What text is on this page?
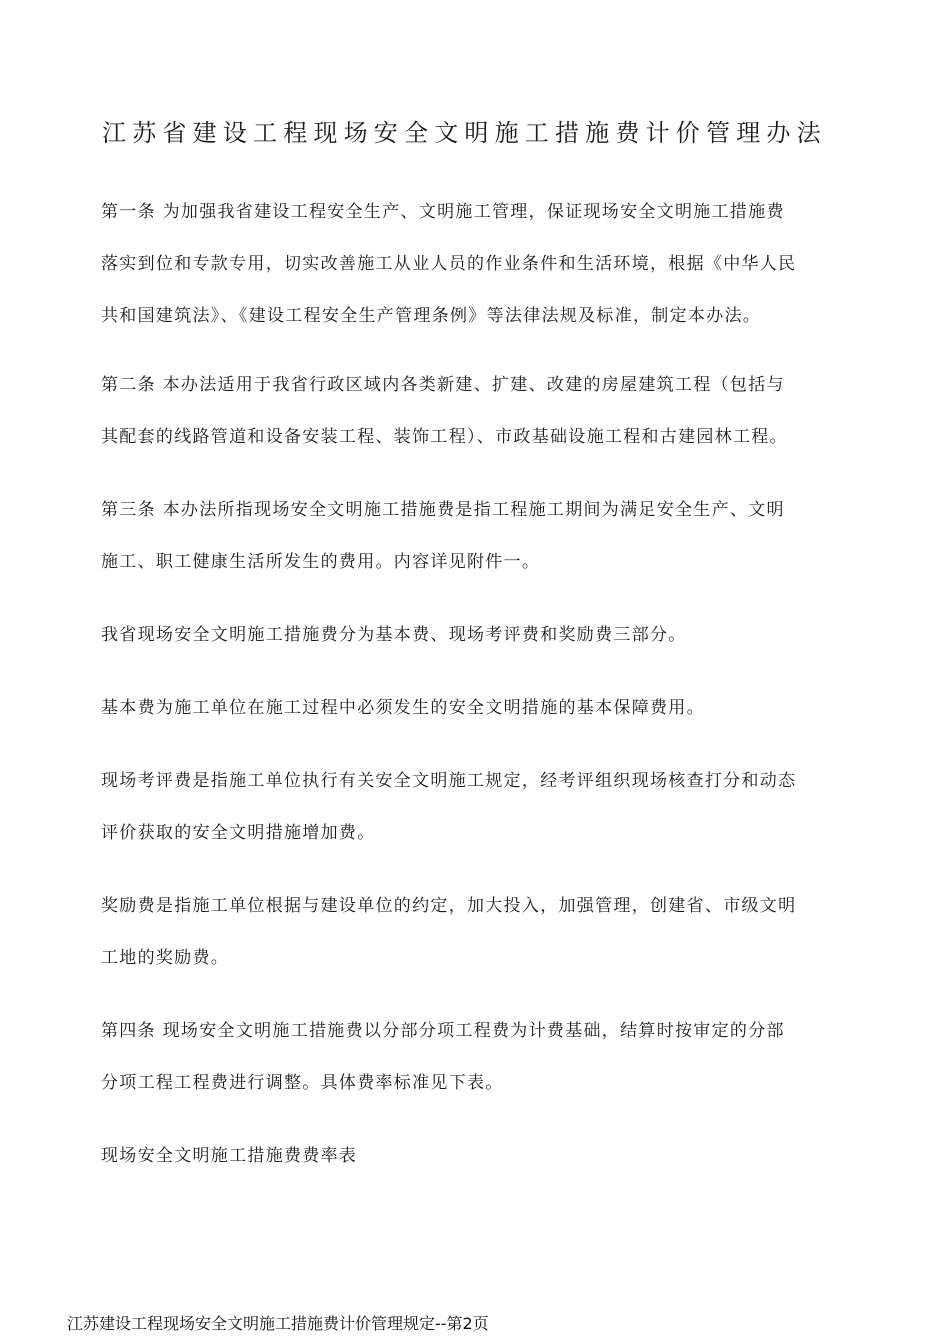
江苏省建设工程现场安全文明施工措施费计价管理办法

第一条 为加强我省建设工程安全生产、文明施工管理，保证现场安全文明施工措施费
落实到位和专款专用，切实改善施工从业人员的作业条件和生活环境，根据《中华人民
共和国建筑法》、《建设工程安全生产管理条例》等法律法规及标准，制定本办法。

第二条 本办法适用于我省行政区域内各类新建、扩建、改建的房屋建筑工程（包括与
其配套的线路管道和设备安装工程、装饰工程）、市政基础设施工程和古建园林工程。

第三条 本办法所指现场安全文明施工措施费是指工程施工期间为满足安全生产、文明
施工、职工健康生活所发生的费用。内容详见附件一。

我省现场安全文明施工措施费分为基本费、现场考评费和奖励费三部分。

基本费为施工单位在施工过程中必须发生的安全文明措施的基本保障费用。

现场考评费是指施工单位执行有关安全文明施工规定，经考评组织现场核查打分和动态
评价获取的安全文明措施增加费。

奖励费是指施工单位根据与建设单位的约定，加大投入，加强管理，创建省、市级文明
工地的奖励费。

第四条 现场安全文明施工措施费以分部分项工程费为计费基础，结算时按审定的分部
分项工程工程费进行调整。具体费率标准见下表。

现场安全文明施工措施费费率表

江苏建设工程现场安全文明施工措施费计价管理规定--第2页
